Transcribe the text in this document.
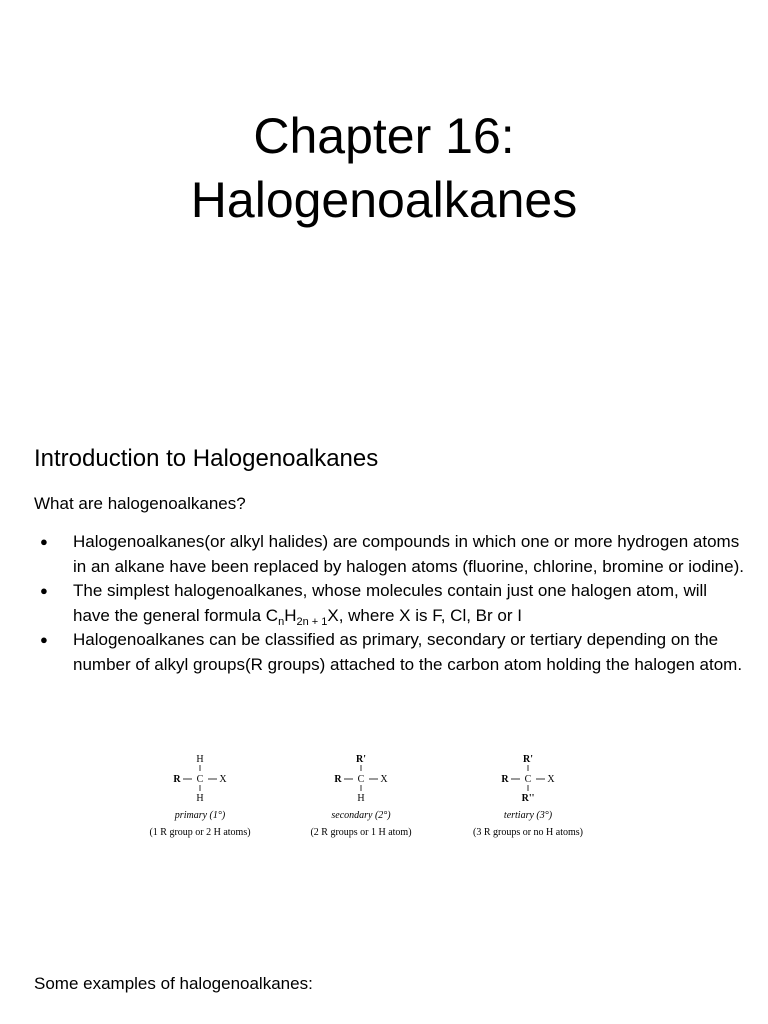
Chapter 16:
Halogenoalkanes
Introduction to Halogenoalkanes
What are halogenoalkanes?
● Halogenoalkanes(or alkyl halides) are compounds in which one or more hydrogen atoms in an alkane have been replaced by halogen atoms (fluorine, chlorine, bromine or iodine).
● The simplest halogenoalkanes, whose molecules contain just one halogen atom, will have the general formula $C_nH_{2n + 1}X$, where X is F, Cl, Br or I
● Halogenoalkanes can be classified as primary, secondary or tertiary depending on the number of alkyl groups(R groups) attached to the carbon atom holding the halogen atom.
H
R C X
H
primary (1°)
(1 R group or 2 H atoms)
R'
R C X
H
secondary (2°)
(2 R groups or 1 H atom)
R'
R C X
R''
tertiary (3°)
(3 R groups or no H atoms)
Some examples of halogenoalkanes:
